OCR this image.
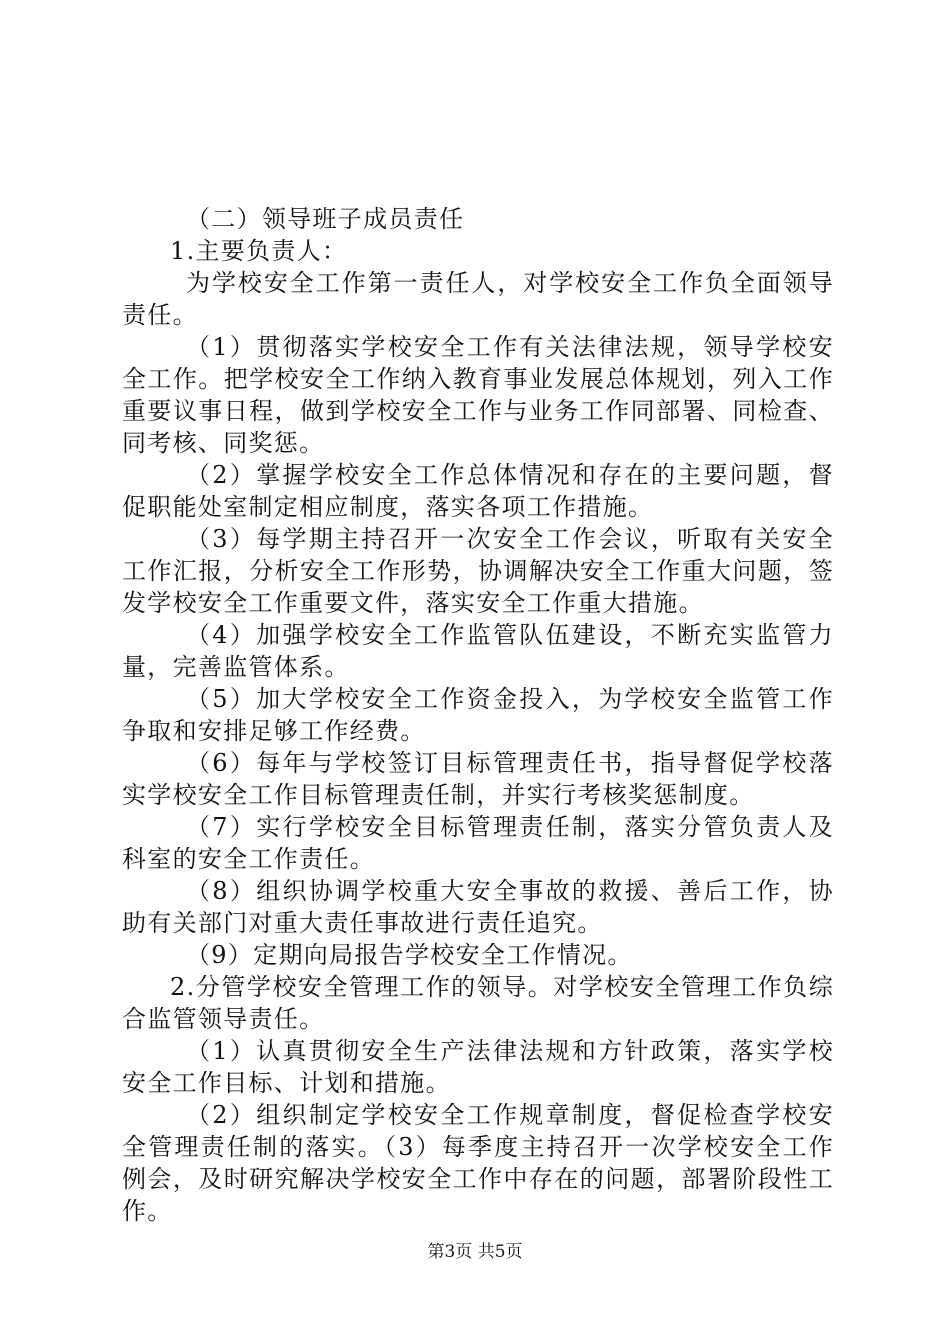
（二）领导班子成员责任

1.主要负责人：

为学校安全工作第一责任人，对学校安全工作负全面领导责任。

（1）贯彻落实学校安全工作有关法律法规，领导学校安全工作。把学校安全工作纳入教育事业发展总体规划，列入工作重要议事日程，做到学校安全工作与业务工作同部署、同检查、同考核、同奖惩。

（2）掌握学校安全工作总体情况和存在的主要问题，督促职能处室制定相应制度，落实各项工作措施。

（3）每学期主持召开一次安全工作会议，听取有关安全工作汇报，分析安全工作形势，协调解决安全工作重大问题，签发学校安全工作重要文件，落实安全工作重大措施。

（4）加强学校安全工作监管队伍建设，不断充实监管力量，完善监管体系。

（5）加大学校安全工作资金投入，为学校安全监管工作争取和安排足够工作经费。

（6）每年与学校签订目标管理责任书，指导督促学校落实学校安全工作目标管理责任制，并实行考核奖惩制度。

（7）实行学校安全目标管理责任制，落实分管负责人及科室的安全工作责任。

（8）组织协调学校重大安全事故的救援、善后工作，协助有关部门对重大责任事故进行责任追究。

（9）定期向局报告学校安全工作情况。

2.分管学校安全管理工作的领导。对学校安全管理工作负综合监管领导责任。

（1）认真贯彻安全生产法律法规和方针政策，落实学校安全工作目标、计划和措施。

（2）组织制定学校安全工作规章制度，督促检查学校安全管理责任制的落实。（3）每季度主持召开一次学校安全工作例会，及时研究解决学校安全工作中存在的问题，部署阶段性工作。

第3页 共5页
